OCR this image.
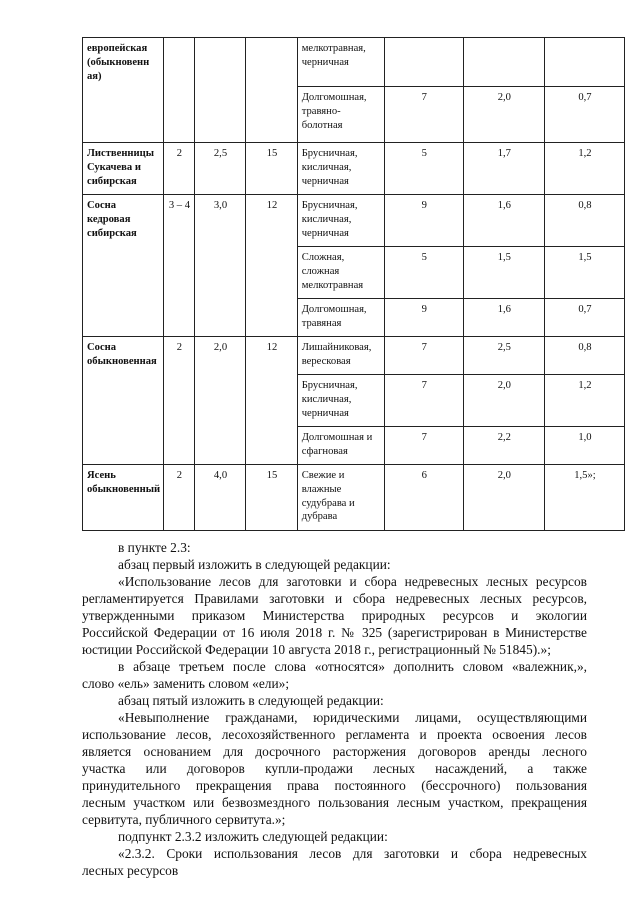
европейская (обыкновенн ая)				мелкотравная, черничная			
				Долгомошная, травяно-болотная	7	2,0	0,7
Лиственницы Сукачева и сибирская	2	2,5	15	Брусничная, кисличная, черничная	5	1,7	1,2
Сосна кедровая сибирская	3 – 4	3,0	12	Брусничная, кисличная, черничная	9	1,6	0,8
				Сложная, сложная мелкотравная	5	1,5	1,5
				Долгомошная, травяная	9	1,6	0,7
Сосна обыкновенная	2	2,0	12	Лишайниковая, вересковая	7	2,5	0,8
				Брусничная, кисличная, черничная	7	2,0	1,2
				Долгомошная и сфагновая	7	2,2	1,0
Ясень обыкновенный	2	4,0	15	Свежие и влажные судубрава и дубрава	6	2,0	1,5»;

в пункте 2.3:

абзац первый изложить в следующей редакции:

«Использование лесов для заготовки и сбора недревесных лесных ресурсов

регламентируется Правилами заготовки и сбора недревесных лесных ресурсов,

утвержденными приказом Министерства природных ресурсов и экологии

Российской Федерации от 16 июля 2018 г. № 325 (зарегистрирован в Министерстве

юстиции Российской Федерации 10 августа 2018 г., регистрационный № 51845).»;

в абзаце третьем после слова «относятся» дополнить словом «валежник,»,

слово «ель» заменить словом «ели»;

абзац пятый изложить в следующей редакции:

«Невыполнение гражданами, юридическими лицами, осуществляющими

использование лесов, лесохозяйственного регламента и проекта освоения лесов

является основанием для досрочного расторжения договоров аренды лесного

участка или договоров купли-продажи лесных насаждений, а также

принудительного прекращения права постоянного (бессрочного) пользования

лесным участком или безвозмездного пользования лесным участком, прекращения

сервитута, публичного сервитута.»;

подпункт 2.3.2 изложить следующей редакции:

«2.3.2. Сроки использования лесов для заготовки и сбора недревесных

лесных ресурсов
